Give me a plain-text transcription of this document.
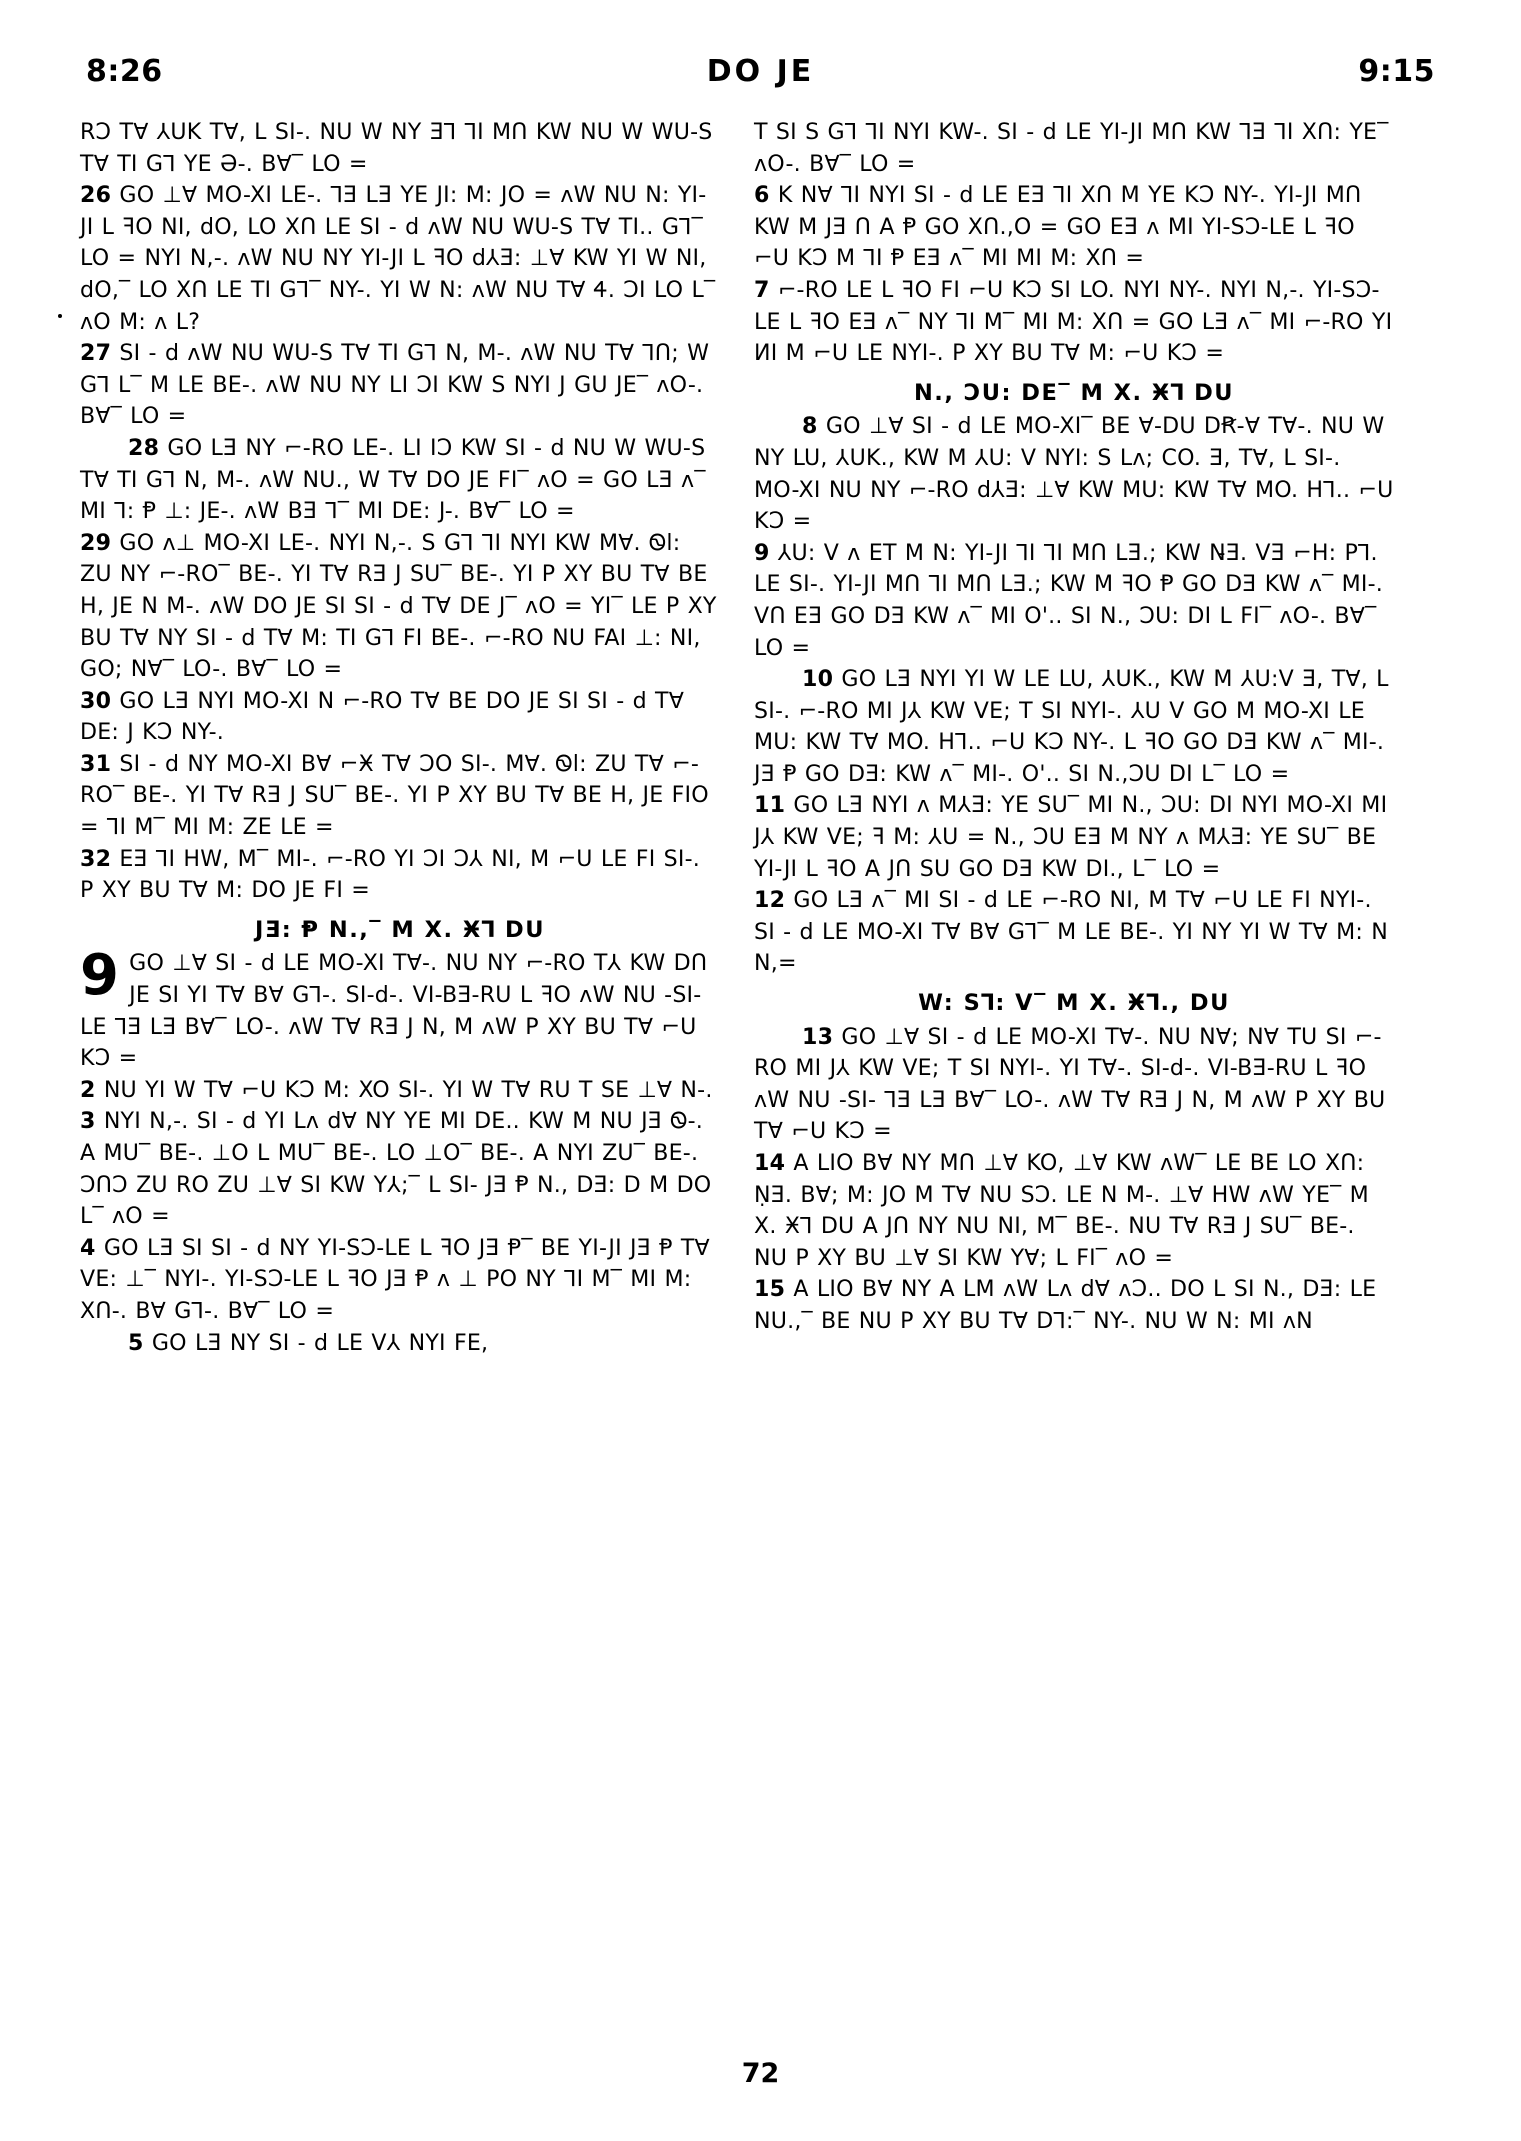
8:26	DO JE	9:15

RƆ T∀ ⅄UK T∀, L SI-. NU W NY Ǝ⅂ ⅂I MՈ KW NU W WU-S T∀ TI G⅂ YE Ә-. B∀‾ LO =

26 GO ⊥∀ MO-XI LE-. ⅂Ǝ LƎ YE JI: M: JO = ᴧW NU N: YI-JI L ꟻO NI, dO, LO XՈ LE SI - d ᴧW NU WU-S T∀ TI.. G⅂‾ LO = NYI N,-. ᴧW NU NY YI-JI L ꟻO d⅄Ǝ: ⊥∀ KW YI W NI, dO,‾ LO XՈ LE TI G⅂‾ NY-. YI W N: ᴧW NU T∀ Ꮞ. ƆI LO L‾ ᴧO M: ᴧ L?

27 SI - d ᴧW NU WU-S T∀ TI G⅂ N, M-. ᴧW NU T∀ ⅂Ո; W G⅂ L‾ M LE BE-. ᴧW NU NY LI ƆI KW S NYI J GU JE‾ ᴧO-. B∀‾ LO =

28 GO LƎ NY ⌐-RO LE-. LI IƆ KW SI - d NU W WU-S T∀ TI G⅂ N, M-. ᴧW NU., W T∀ DO JE FI‾ ᴧO = GO LƎ ᴧ‾ MI ⅂: Ᵽ ⊥: JE-. ᴧW BƎ ⅂‾ MI DE: J-. B∀‾ LO =

29 GO ᴧ⊥ MO-XI LE-. NYI N,-. S G⅂ ⅂I NYI KW M∀. Ꮻl: ZU NY ⌐-RO‾ BE-. YI T∀ RƎ J SU‾ BE-. YI P XY BU T∀ BE H, JE N M-. ᴧW DO JE SI SI - d T∀ DE J‾ ᴧO = YI‾ LE P XY BU T∀ NY SI - d T∀ M: TI G⅂ FI BE-. ⌐-RO NU FAI ⊥: NI, GO; N∀‾ LO-. B∀‾ LO =

30 GO LƎ NYI MO-XI N ⌐-RO T∀ BE DO JE SI SI - d T∀ DE: J KƆ NY-.

31 SI - d NY MO-XI B∀ ⌐Ӿ T∀ ƆO SI-. M∀. Ꮻl: ZU T∀ ⌐-RO‾ BE-. YI T∀ RƎ J SU‾ BE-. YI P XY BU T∀ BE H, JE FIO = ⅂I M‾ MI M: ZE LE =

32 EƎ ⅂I HW, M‾ MI-. ⌐-RO YI ƆI Ɔ⅄ NI, M ⌐U LE FI SI-. P XY BU T∀ M: DO JE FI =

JƎ: Ᵽ N.,‾ M X. Ӿ⅂ DU

9 GO ⊥∀ SI - d LE MO-XI T∀-. NU NY ⌐-RO T⅄ KW DՈ JE SI YI T∀ B∀ G⅂-. SI-d-. VI-BƎ-RU L ꟻO ᴧW NU -SI- LE ⅂Ǝ LƎ B∀‾ LO-. ᴧW T∀ RƎ J N, M ᴧW P XY BU T∀ ⌐U KƆ =

2 NU YI W T∀ ⌐U KƆ M: XO SI-. YI W T∀ RU T SE ⊥∀ N-.

3 NYI N,-. SI - d YI Lᴧ d∀ NY YE MI DE.. KW M NU JƎ Ꮻ-. A MU‾ BE-. ⊥O L MU‾ BE-. LO ⊥O‾ BE-. A NYI ZU‾ BE-. ƆՈƆ ZU RO ZU ⊥∀ SI KW Y⅄;‾ L SI- JƎ Ᵽ N., DƎ: D M DO L‾ ᴧO =

4 GO LƎ SI SI - d NY YI-SƆ-LE L ꟻO JƎ Ᵽ‾ BE YI-JI JƎ Ᵽ T∀ VE: ⊥‾ NYI-. YI-SƆ-LE L ꟻO JƎ Ᵽ ᴧ ⊥ PO NY ⅂I M‾ MI M: XՈ-. B∀ G⅂-. B∀‾ LO =

5 GO LƎ NY SI - d LE V⅄ NYI FE,

T SI S G⅂ ⅂I NYI KW-. SI - d LE YI-JI MՈ KW ⅂Ǝ ⅂I XՈ: YE‾ ᴧO-. B∀‾ LO =

6 K N∀ ⅂I NYI SI - d LE EƎ ⅂I XՈ M YE KƆ NY-. YI-JI MՈ KW M JƎ Ո A Ᵽ GO XՈ.,O = GO EƎ ᴧ MI YI-SƆ-LE L ꟻO ⌐U KƆ M ⅂I Ᵽ EƎ ᴧ‾ MI MI M: XՈ =

7 ⌐-RO LE L ꟻO FI ⌐U KƆ SI LO. NYI NY-. NYI N,-. YI-SƆ-LE L ꟻO EƎ ᴧ‾ NY ⅂I M‾ MI M: XՈ = GO LƎ ᴧ‾ MI ⌐-RO YI ИI M ⌐U LE NYI-. P XY BU T∀ M: ⌐U KƆ =

N., ƆU: DE‾ M X. Ӿ⅂ DU

8 GO ⊥∀ SI - d LE MO-XI‾ BE ∀-DU DꞦ-∀ T∀-. NU W NY LU, ⅄UK., KW M ⅄U: V NYI: S Lᴧ; CO. Ǝ, T∀, L SI-. MO-XI NU NY ⌐-RO d⅄Ǝ: ⊥∀ KW MU: KW T∀ MO. H⅂.. ⌐U KƆ =

9 ⅄U: V ᴧ ET M N: YI-JI ⅂I ⅂I MՈ LƎ.; KW N̵Ǝ. VƎ ⌐H: P⅂. LE SI-. YI-JI MՈ ⅂I MՈ LƎ.; KW M ꟻO Ᵽ GO DƎ KW ᴧ‾ MI-. VՈ EƎ GO DƎ KW ᴧ‾ MI O'.. SI N., ƆU: DI L FI‾ ᴧO-. B∀‾ LO =

10 GO LƎ NYI YI W LE LU, ⅄UK., KW M ⅄U:V Ǝ, T∀, L SI-. ⌐-RO MI J⅄ KW VE; T SI NYI-. ⅄U V GO M MO-XI LE MU: KW T∀ MO. H⅂.. ⌐U KƆ NY-. L ꟻO GO DƎ KW ᴧ‾ MI-. JƎ Ᵽ GO DƎ: KW ᴧ‾ MI-. O'.. SI N.,ƆU DI L‾ LO =

11 GO LƎ NYI ᴧ M⅄Ǝ: YE SU‾ MI N., ƆU: DI NYI MO-XI MI J⅄ KW VE; ꟻ M: ⅄U = N., ƆU EƎ M NY ᴧ M⅄Ǝ: YE SU‾ BE YI-JI L ꟻO A JՈ SU GO DƎ KW DI., L‾ LO =

12 GO LƎ ᴧ‾ MI SI - d LE ⌐-RO NI, M T∀ ⌐U LE FI NYI-. SI - d LE MO-XI T∀ B∀ G⅂‾ M LE BE-. YI NY YI W T∀ M: N N,=

W: S⅂: V‾ M X. Ӿ⅂., DU

13 GO ⊥∀ SI - d LE MO-XI T∀-. NU N∀; N∀ TU SI ⌐-RO MI J⅄ KW VE; T SI NYI-. YI T∀-. SI-d-. VI-BƎ-RU L ꟻO ᴧW NU -SI- ⅂Ǝ LƎ B∀‾ LO-. ᴧW T∀ RƎ J N, M ᴧW P XY BU T∀ ⌐U KƆ =

14 A LIO B∀ NY MՈ ⊥∀ KO, ⊥∀ KW ᴧW‾ LE BE LO XՈ: ṆƎ. B∀; M: JO M T∀ NU SƆ. LE N M-. ⊥∀ HW ᴧW YE‾ M X. Ӿ⅂ DU A JՈ NY NU NI, M‾ BE-. NU T∀ RƎ J SU‾ BE-. NU P XY BU ⊥∀ SI KW Y∀; L FI‾ ᴧO =

15 A LIO B∀ NY A LM ᴧW Lᴧ d∀ ᴧƆ.. DO L SI N., DƎ: LE NU.,‾ BE NU P XY BU T∀ D⅂:‾ NY-. NU W N: MI ᴧN

72
